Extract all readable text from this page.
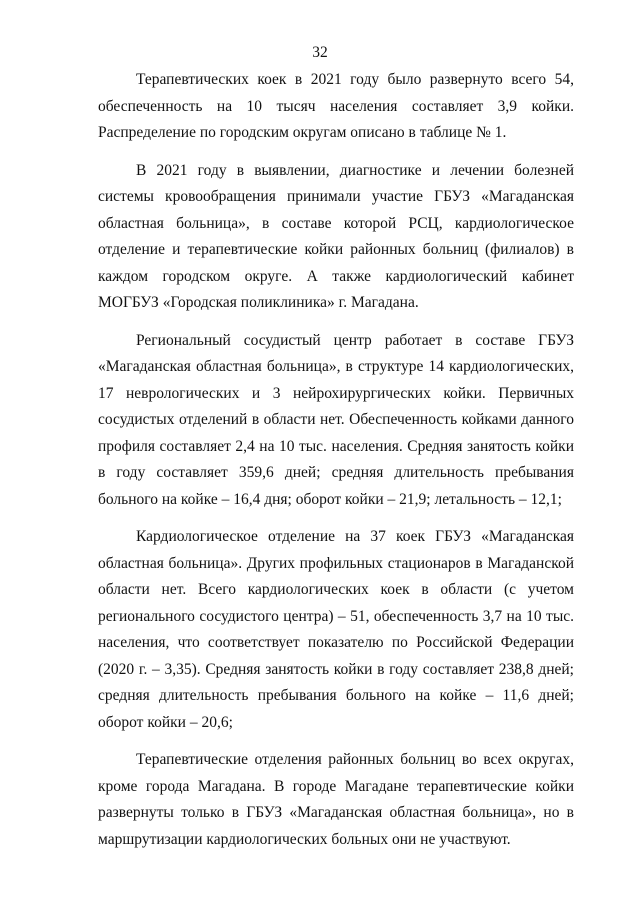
32

Терапевтических коек в 2021 году было развернуто всего 54, обеспеченность на 10 тысяч населения составляет 3,9 койки. Распределение по городским округам описано в таблице № 1.

В 2021 году в выявлении, диагностике и лечении болезней системы кровообращения принимали участие ГБУЗ «Магаданская областная больница», в составе которой РСЦ, кардиологическое отделение и терапевтические койки районных больниц (филиалов) в каждом городском округе. А также кардиологический кабинет МОГБУЗ «Городская поликлиника» г. Магадана.

Региональный сосудистый центр работает в составе ГБУЗ «Магаданская областная больница», в структуре 14 кардиологических, 17 неврологических и 3 нейрохирургических койки. Первичных сосудистых отделений в области нет. Обеспеченность койками данного профиля составляет 2,4 на 10 тыс. населения. Средняя занятость койки в году составляет 359,6 дней; средняя длительность пребывания больного на койке – 16,4 дня; оборот койки – 21,9; летальность – 12,1;

Кардиологическое отделение на 37 коек ГБУЗ «Магаданская областная больница». Других профильных стационаров в Магаданской области нет. Всего кардиологических коек в области (с учетом регионального сосудистого центра) – 51, обеспеченность 3,7 на 10 тыс. населения, что соответствует показателю по Российской Федерации (2020 г. – 3,35). Средняя занятость койки в году составляет 238,8 дней; средняя длительность пребывания больного на койке – 11,6 дней; оборот койки – 20,6;

Терапевтические отделения районных больниц во всех округах, кроме города Магадана. В городе Магадане терапевтические койки развернуты только в ГБУЗ «Магаданская областная больница», но в маршрутизации кардиологических больных они не участвуют.
